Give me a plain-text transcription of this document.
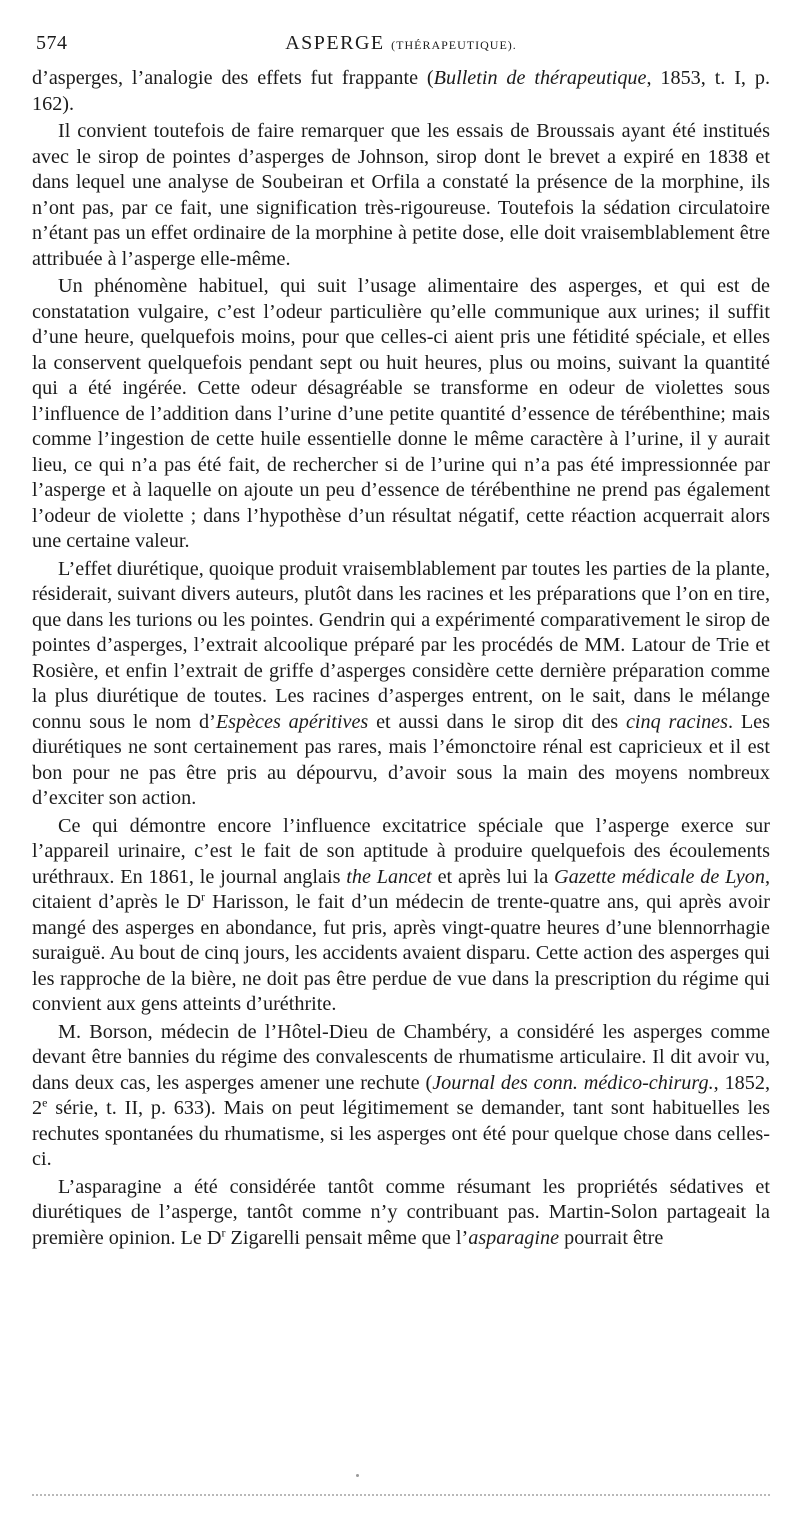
574	ASPERGE (THÉRAPEUTIQUE).

d’asperges, l’analogie des effets fut frappante (Bulletin de thérapeutique, 1853, t. I, p. 162).

Il convient toutefois de faire remarquer que les essais de Broussais ayant été institués avec le sirop de pointes d’asperges de Johnson, sirop dont le brevet a expiré en 1838 et dans lequel une analyse de Soubeiran et Orfila a constaté la présence de la morphine, ils n’ont pas, par ce fait, une signification très-rigoureuse. Toutefois la sédation circulatoire n’étant pas un effet ordinaire de la morphine à petite dose, elle doit vraisemblablement être attribuée à l’asperge elle-même.

Un phénomène habituel, qui suit l’usage alimentaire des asperges, et qui est de constatation vulgaire, c’est l’odeur particulière qu’elle communique aux urines; il suffit d’une heure, quelquefois moins, pour que celles-ci aient pris une fétidité spéciale, et elles la conservent quelquefois pendant sept ou huit heures, plus ou moins, suivant la quantité qui a été ingérée. Cette odeur désagréable se transforme en odeur de violettes sous l’influence de l’addition dans l’urine d’une petite quantité d’essence de térébenthine; mais comme l’ingestion de cette huile essentielle donne le même caractère à l’urine, il y aurait lieu, ce qui n’a pas été fait, de rechercher si de l’urine qui n’a pas été impressionnée par l’asperge et à laquelle on ajoute un peu d’essence de térébenthine ne prend pas également l’odeur de violette ; dans l’hypothèse d’un résultat négatif, cette réaction acquerrait alors une certaine valeur.

L’effet diurétique, quoique produit vraisemblablement par toutes les parties de la plante, résiderait, suivant divers auteurs, plutôt dans les racines et les préparations que l’on en tire, que dans les turions ou les pointes. Gendrin qui a expérimenté comparativement le sirop de pointes d’asperges, l’extrait alcoolique préparé par les procédés de MM. Latour de Trie et Rosière, et enfin l’extrait de griffe d’asperges considère cette dernière préparation comme la plus diurétique de toutes. Les racines d’asperges entrent, on le sait, dans le mélange connu sous le nom d’Espèces apéritives et aussi dans le sirop dit des cinq racines. Les diurétiques ne sont certainement pas rares, mais l’émonctoire rénal est capricieux et il est bon pour ne pas être pris au dépourvu, d’avoir sous la main des moyens nombreux d’exciter son action.

Ce qui démontre encore l’influence excitatrice spéciale que l’asperge exerce sur l’appareil urinaire, c’est le fait de son aptitude à produire quelquefois des écoulements uréthraux. En 1861, le journal anglais the Lancet et après lui la Gazette médicale de Lyon, citaient d’après le $D^r$ Harisson, le fait d’un médecin de trente-quatre ans, qui après avoir mangé des asperges en abondance, fut pris, après vingt-quatre heures d’une blennorrhagie suraiguë. Au bout de cinq jours, les accidents avaient disparu. Cette action des asperges qui les rapproche de la bière, ne doit pas être perdue de vue dans la prescription du régime qui convient aux gens atteints d’uréthrite.

M. Borson, médecin de l’Hôtel-Dieu de Chambéry, a considéré les asperges comme devant être bannies du régime des convalescents de rhumatisme articulaire. Il dit avoir vu, dans deux cas, les asperges amener une rechute (Journal des conn. médico-chirurg., 1852, 2e série, t. II, p. 633). Mais on peut légitimement se demander, tant sont habituelles les rechutes spontanées du rhumatisme, si les asperges ont été pour quelque chose dans celles-ci.

L’asparagine a été considérée tantôt comme résumant les propriétés sédatives et diurétiques de l’asperge, tantôt comme n’y contribuant pas. Martin-Solon partageait la première opinion. Le $D^r$ Zigarelli pensait même que l’asparagine pourrait être
